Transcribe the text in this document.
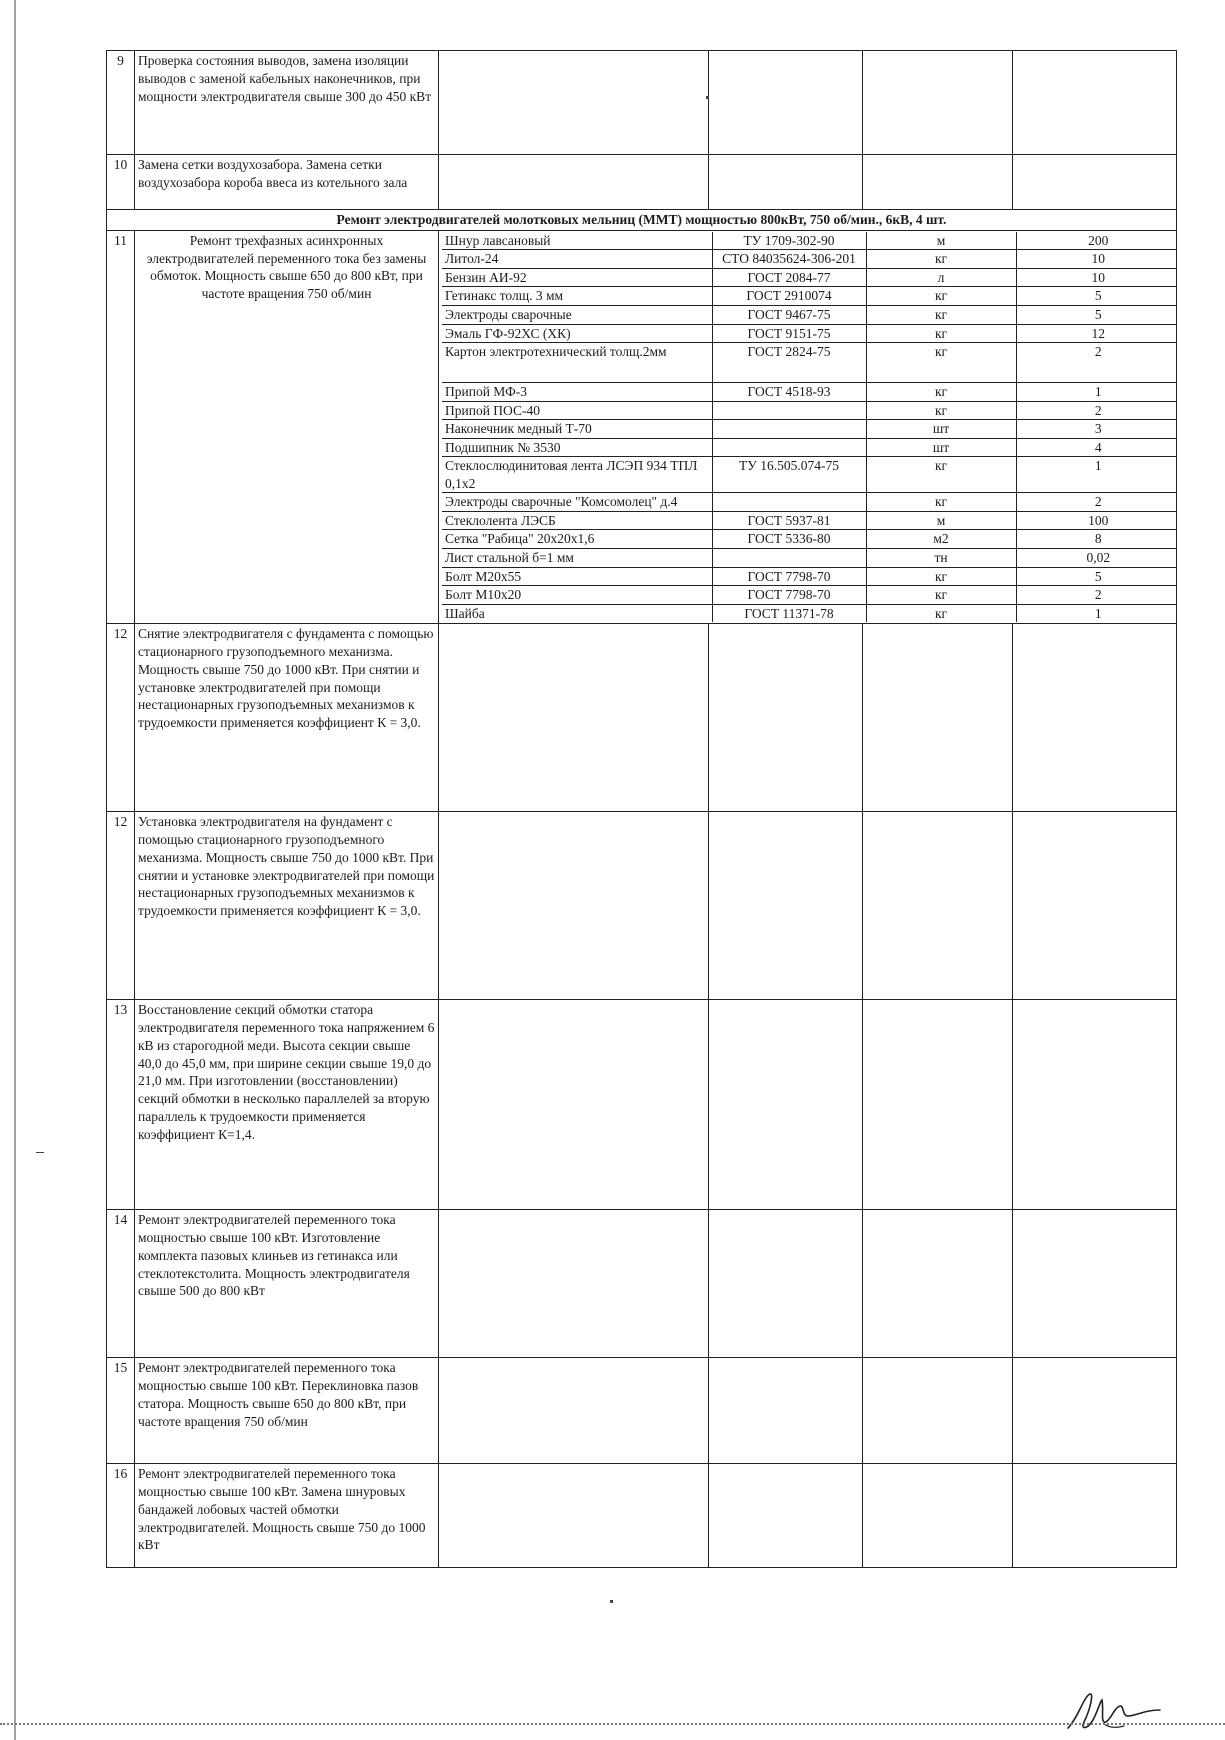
9	Проверка состояния выводов, замена изоляции выводов с заменой кабельных наконечников, при мощности электродвигателя свыше 300 до 450 кВт				
10	Замена сетки воздухозабора. Замена сетки воздухозабора короба ввеса из котельного зала				
Ремонт электродвигателей молотковых мельниц (ММТ) мощностью 800кВт, 750 об/мин., 6кВ, 4 шт.
11	Ремонт трехфазных асинхронных электродвигателей переменного тока без замены обмоток. Мощность свыше 650 до 800 кВт, при частоте вращения 750 об/мин	
Шнур лавсановый	ТУ 1709-302-90	м	200
Литол-24	СТО 84035624-306-201	кг	10
Бензин АИ-92	ГОСТ 2084-77	л	10
Гетинакс толщ. 3 мм	ГОСТ 2910074	кг	5
Электроды сварочные	ГОСТ 9467-75	кг	5
Эмаль ГФ-92ХС (ХК)	ГОСТ 9151-75	кг	12
Картон электротехнический толщ.2мм	ГОСТ 2824-75	кг	2
Припой МФ-3	ГОСТ 4518-93	кг	1
Припой ПОС-40		кг	2
Наконечник медный Т-70		шт	3
Подшипник № 3530		шт	4
Стеклослюдинитовая лента ЛСЭП 934 ТПЛ 0,1х2	ТУ 16.505.074-75	кг	1
Электроды сварочные "Комсомолец" д.4		кг	2
Стеклолента ЛЭСБ	ГОСТ 5937-81	м	100
Сетка "Рабица" 20х20х1,6	ГОСТ 5336-80	м2	8
Лист стальной б=1 мм		тн	0,02
Болт М20х55	ГОСТ 7798-70	кг	5
Болт М10х20	ГОСТ 7798-70	кг	2
Шайба	ГОСТ 11371-78	кг	1

12	Снятие электродвигателя с фундамента с помощью стационарного грузоподъемного механизма. Мощность свыше 750 до 1000 кВт. При снятии и установке электродвигателей при помощи нестационарных грузоподъемных механизмов к трудоемкости применяется коэффициент К = 3,0.				
12	Установка электродвигателя на фундамент с помощью стационарного грузоподъемного механизма. Мощность свыше 750 до 1000 кВт. При снятии и установке электродвигателей при помощи нестационарных грузоподъемных механизмов к трудоемкости применяется коэффициент К = 3,0.				
13	Восстановление секций обмотки статора электродвигателя переменного тока напряжением 6 кВ из старогодной меди. Высота секции свыше 40,0 до 45,0 мм, при ширине секции свыше 19,0 до 21,0 мм. При изготовлении (восстановлении) секций обмотки в несколько параллелей за вторую параллель к трудоемкости применяется коэффициент К=1,4.				
14	Ремонт электродвигателей переменного тока мощностью свыше 100 кВт. Изготовление комплекта пазовых клиньев из гетинакса или стеклотекстолита. Мощность электродвигателя свыше 500 до 800 кВт				
15	Ремонт электродвигателей переменного тока мощностью свыше 100 кВт. Переклиновка пазов статора. Мощность свыше 650 до 800 кВт, при частоте вращения 750 об/мин				
16	Ремонт электродвигателей переменного тока мощностью свыше 100 кВт. Замена шнуровых бандажей лобовых частей обмотки электродвигателей. Мощность свыше 750 до 1000 кВт				
